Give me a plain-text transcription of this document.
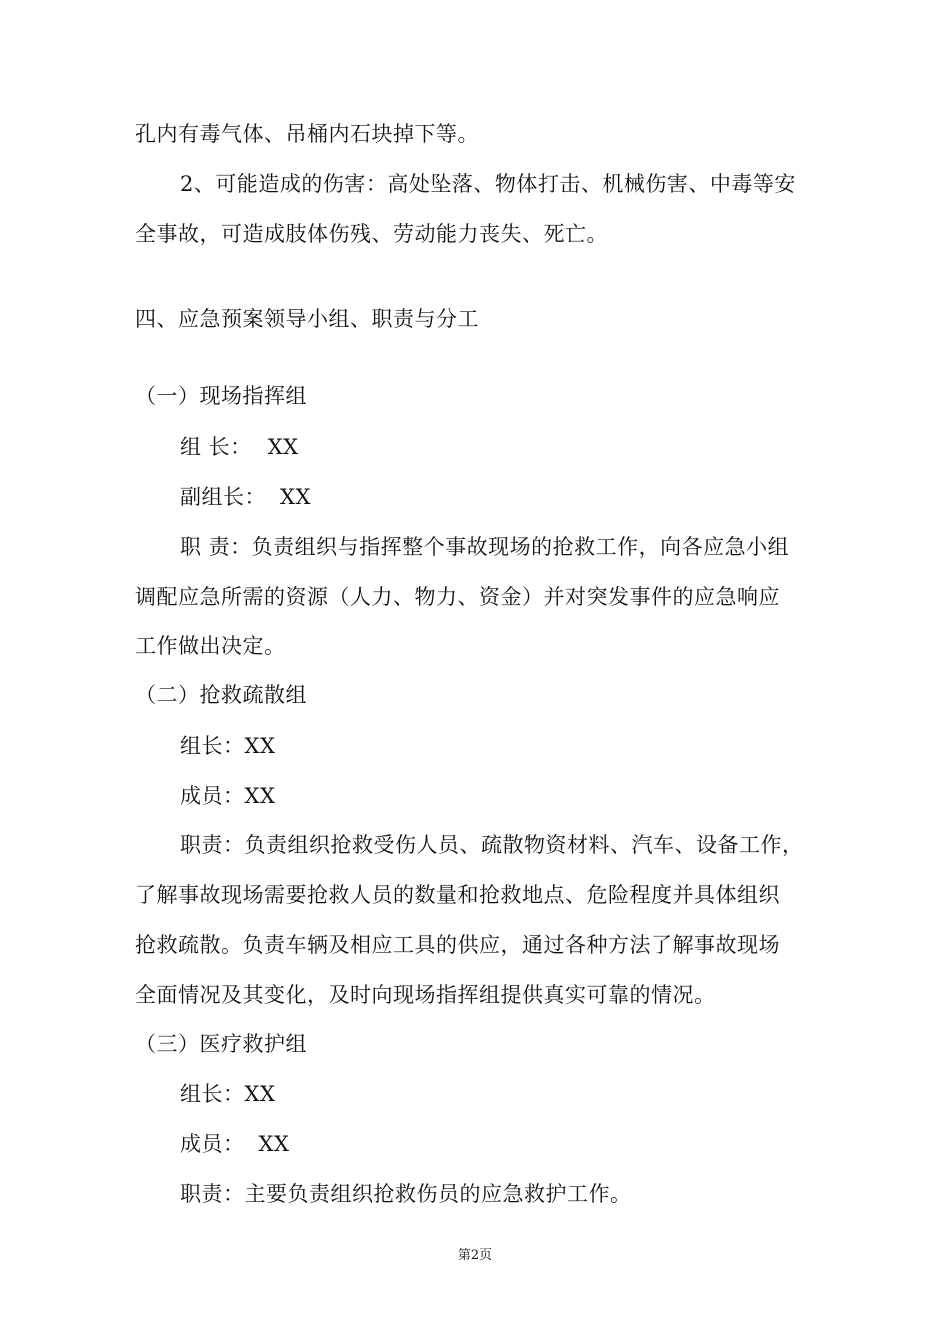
孔内有毒气体、吊桶内石块掉下等。
2、可能造成的伤害：高处坠落、物体打击、机械伤害、中毒等安
全事故，可造成肢体伤残、劳动能力丧失、死亡。
四、应急预案领导小组、职责与分工
（一）现场指挥组
组 长： XX
副组长： XX
职 责：负责组织与指挥整个事故现场的抢救工作，向各应急小组
调配应急所需的资源（人力、物力、资金）并对突发事件的应急响应
工作做出决定。
（二）抢救疏散组
组长：XX
成员：XX
职责：负责组织抢救受伤人员、疏散物资材料、汽车、设备工作，
了解事故现场需要抢救人员的数量和抢救地点、危险程度并具体组织
抢救疏散。负责车辆及相应工具的供应，通过各种方法了解事故现场
全面情况及其变化，及时向现场指挥组提供真实可靠的情况。
（三）医疗救护组
组长：XX
成员： XX
职责：主要负责组织抢救伤员的应急救护工作。
第2页
